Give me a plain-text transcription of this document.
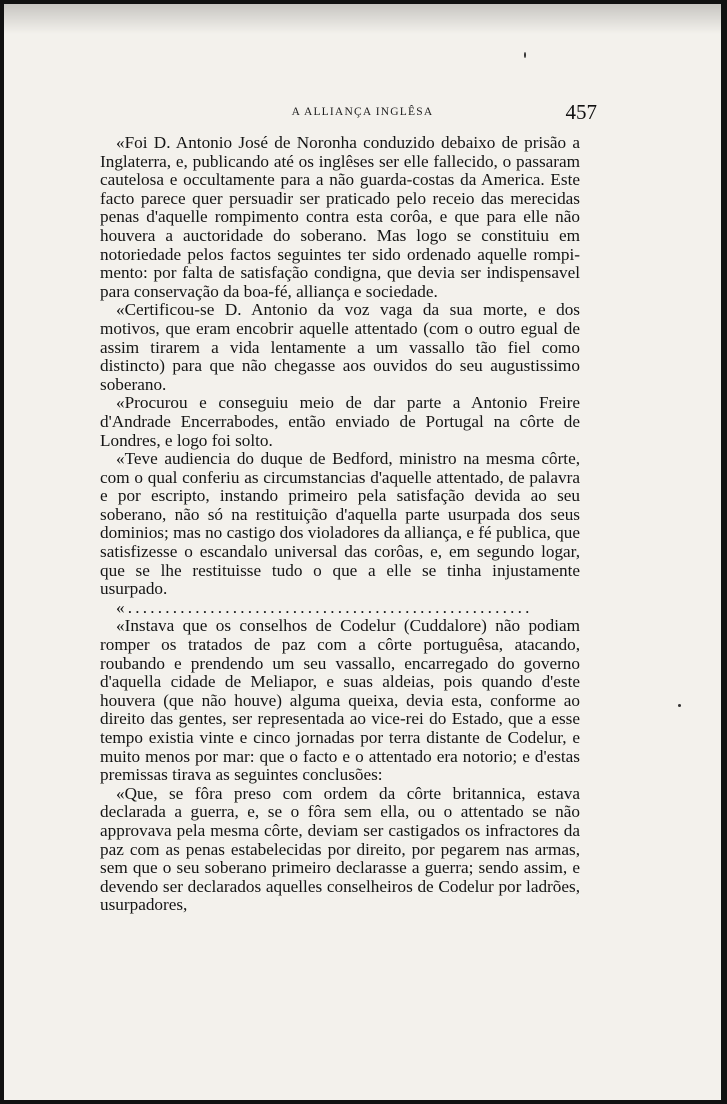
A ALLIANÇA INGLÊSA	457

«Foi D. Antonio José de Noronha conduzido debaixo de prisão a Inglaterra, e, publicando até os inglêses ser elle fallecido, o passaram cautelosa e occultamente para a não guarda-costas da America. Este facto parece quer persuadir ser praticado pelo receio das merecidas penas d'aquelle rompimento contra esta corôa, e que para elle não houvera a auctoridade do soberano. Mas logo se constituiu em notoriedade pelos factos seguintes ter sido ordenado aquelle rompimento: por falta de satisfação condigna, que devia ser indispensavel para conservação da boa-fé, alliança e sociedade.

«Certificou-se D. Antonio da voz vaga da sua morte, e dos motivos, que eram encobrir aquelle attentado (com o outro egual de assim tirarem a vida lentamente a um vassallo tão fiel como distincto) para que não chegasse aos ouvidos do seu augustissimo soberano.

«Procurou e conseguiu meio de dar parte a Antonio Freire d'Andrade Encerrabodes, então enviado de Portugal na côrte de Londres, e logo foi solto.

«Teve audiencia do duque de Bedford, ministro na mesma côrte, com o qual conferiu as circumstancias d'aquelle attentado, de palavra e por escripto, instando primeiro pela satisfação devida ao seu soberano, não só na restituição d'aquella parte usurpada dos seus dominios; mas no castigo dos violadores da alliança, e fé publica, que satisfizesse o escandalo universal das corôas, e, em segundo logar, que se lhe restituisse tudo o que a elle se tinha injustamente usurpado.

«......................................................

«Instava que os conselhos de Codelur (Cuddalore) não podiam romper os tratados de paz com a côrte portuguêsa, atacando, roubando e prendendo um seu vassallo, encarregado do governo d'aquella cidade de Meliapor, e suas aldeias, pois quando d'este houvera (que não houve) alguma queixa, devia esta, conforme ao direito das gentes, ser representada ao vice-rei do Estado, que a esse tempo existia vinte e cinco jornadas por terra distante de Codelur, e muito menos por mar: que o facto e o attentado era notorio; e d'estas premissas tirava as seguintes conclusões:

«Que, se fôra preso com ordem da côrte britannica, estava declarada a guerra, e, se o fôra sem ella, ou o attentado se não approvava pela mesma côrte, deviam ser castigados os infractores da paz com as penas estabelecidas por direito, por pegarem nas armas, sem que o seu soberano primeiro declarasse a guerra; sendo assim, e devendo ser declarados aquelles conselheiros de Codelur por ladrões, usurpadores,
